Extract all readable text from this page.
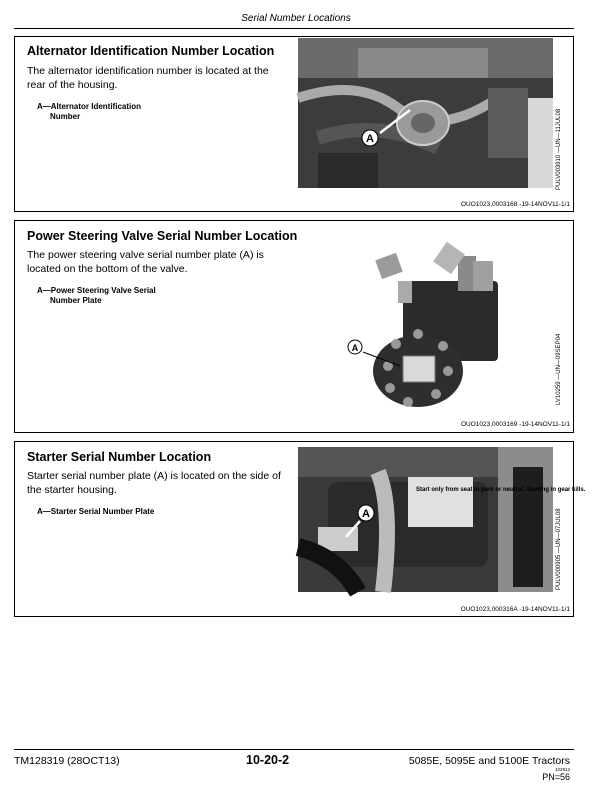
Serial Number Locations
Alternator Identification Number Location
The alternator identification number is located at the rear of the housing.
A—Alternator Identification
Number
A	PULV003910 —UN—11JUL08
OUO1023,0003168 -19-14NOV11-1/1
Power Steering Valve Serial Number Location
The power steering valve serial number plate (A) is located on the bottom of the valve.
A—Power Steering Valve Serial
Number Plate
A	LV10259 —UN—09SEP04
OUO1023,0003169 -19-14NOV11-1/1
Starter Serial Number Location
Starter serial number plate (A) is located on the side of the starter housing.
A—Starter Serial Number Plate
Start only from seat in park or neutral. Starting in gear kills.
A	PULV000905 —UN—07JUL08
OUO1023,000316A -19-14NOV11-1/1
TM128319 (28OCT13)	10-20-2	5085E, 5095E and 5100E Tractors
102913
PN=56
